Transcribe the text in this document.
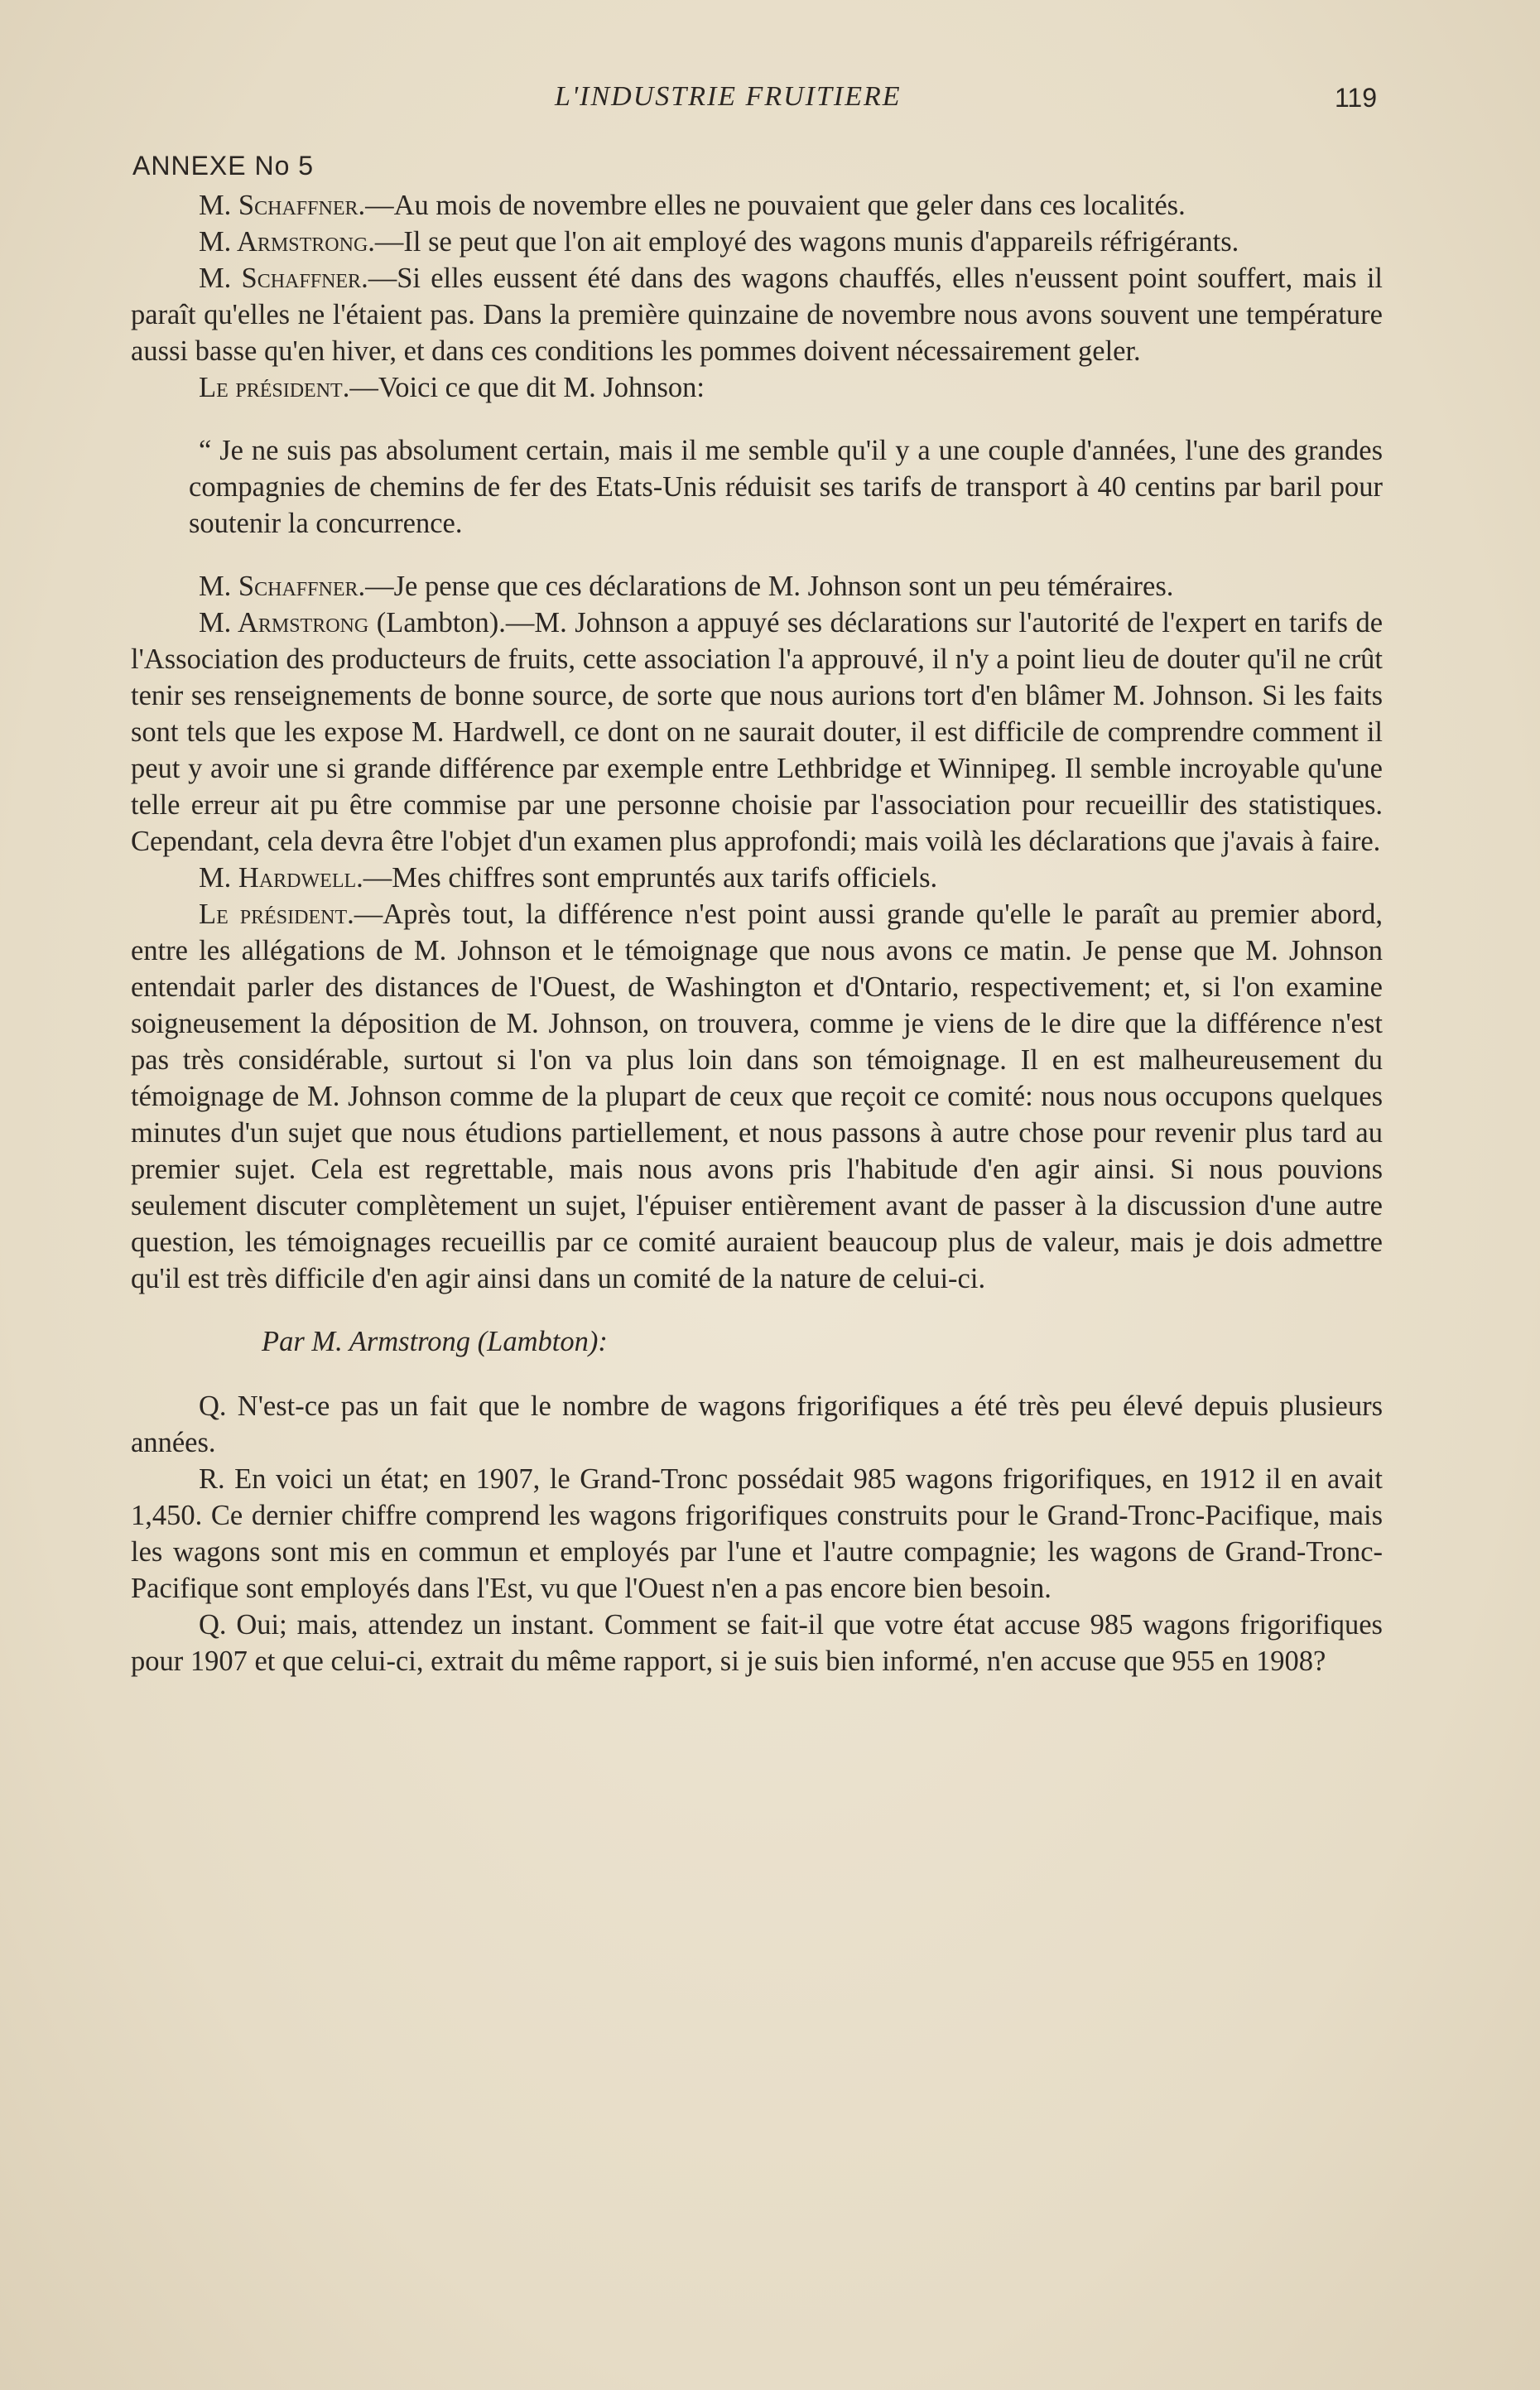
L'INDUSTRIE FRUITIERE	119
ANNEXE No 5

M. Schaffner.—Au mois de novembre elles ne pouvaient que geler dans ces localités.

M. Armstrong.—Il se peut que l'on ait employé des wagons munis d'appareils réfrigérants.

M. Schaffner.—Si elles eussent été dans des wagons chauffés, elles n'eussent point souffert, mais il paraît qu'elles ne l'étaient pas. Dans la première quinzaine de novembre nous avons souvent une température aussi basse qu'en hiver, et dans ces conditions les pommes doivent nécessairement geler.

Le président.—Voici ce que dit M. Johnson:

“ Je ne suis pas absolument certain, mais il me semble qu'il y a une couple d'années, l'une des grandes compagnies de chemins de fer des Etats-Unis réduisit ses tarifs de transport à 40 centins par baril pour soutenir la concurrence.

M. Schaffner.—Je pense que ces déclarations de M. Johnson sont un peu téméraires.

M. Armstrong (Lambton).—M. Johnson a appuyé ses déclarations sur l'autorité de l'expert en tarifs de l'Association des producteurs de fruits, cette association l'a approuvé, il n'y a point lieu de douter qu'il ne crût tenir ses renseignements de bonne source, de sorte que nous aurions tort d'en blâmer M. Johnson. Si les faits sont tels que les expose M. Hardwell, ce dont on ne saurait douter, il est difficile de comprendre comment il peut y avoir une si grande différence par exemple entre Lethbridge et Winnipeg. Il semble incroyable qu'une telle erreur ait pu être commise par une personne choisie par l'association pour recueillir des statistiques. Cependant, cela devra être l'objet d'un examen plus approfondi; mais voilà les déclarations que j'avais à faire.

M. Hardwell.—Mes chiffres sont empruntés aux tarifs officiels.

Le président.—Après tout, la différence n'est point aussi grande qu'elle le paraît au premier abord, entre les allégations de M. Johnson et le témoignage que nous avons ce matin. Je pense que M. Johnson entendait parler des distances de l'Ouest, de Washington et d'Ontario, respectivement; et, si l'on examine soigneusement la déposition de M. Johnson, on trouvera, comme je viens de le dire que la différence n'est pas très considérable, surtout si l'on va plus loin dans son témoignage. Il en est malheureusement du témoignage de M. Johnson comme de la plupart de ceux que reçoit ce comité: nous nous occupons quelques minutes d'un sujet que nous étudions partiellement, et nous passons à autre chose pour revenir plus tard au premier sujet. Cela est regrettable, mais nous avons pris l'habitude d'en agir ainsi. Si nous pouvions seulement discuter complètement un sujet, l'épuiser entièrement avant de passer à la discussion d'une autre question, les témoignages recueillis par ce comité auraient beaucoup plus de valeur, mais je dois admettre qu'il est très difficile d'en agir ainsi dans un comité de la nature de celui-ci.

Par M. Armstrong (Lambton):

Q. N'est-ce pas un fait que le nombre de wagons frigorifiques a été très peu élevé depuis plusieurs années.

R. En voici un état; en 1907, le Grand-Tronc possédait 985 wagons frigorifiques, en 1912 il en avait 1,450. Ce dernier chiffre comprend les wagons frigorifiques construits pour le Grand-Tronc-Pacifique, mais les wagons sont mis en commun et employés par l'une et l'autre compagnie; les wagons de Grand-Tronc-Pacifique sont employés dans l'Est, vu que l'Ouest n'en a pas encore bien besoin.

Q. Oui; mais, attendez un instant. Comment se fait-il que votre état accuse 985 wagons frigorifiques pour 1907 et que celui-ci, extrait du même rapport, si je suis bien informé, n'en accuse que 955 en 1908?
